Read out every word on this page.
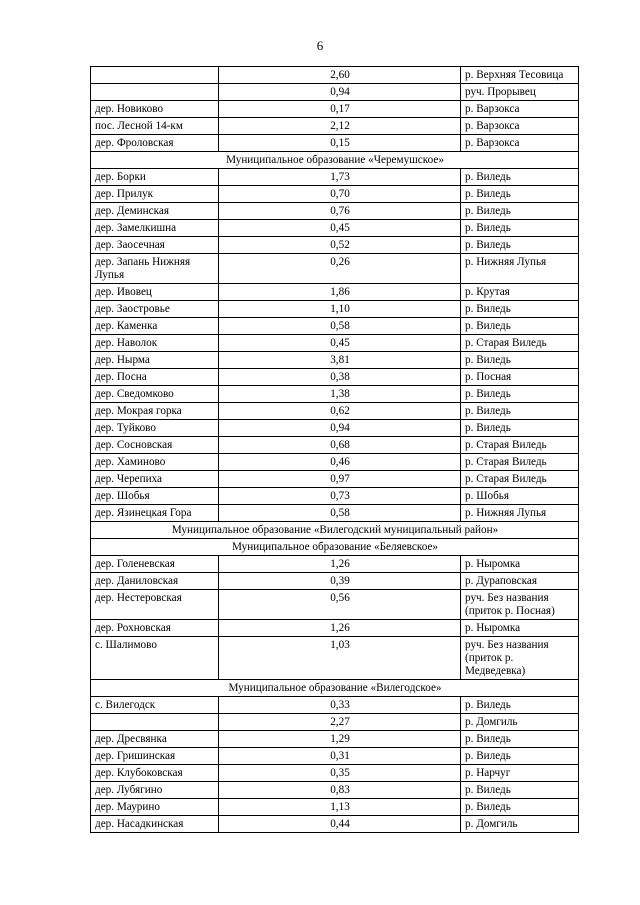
6
	2,60	р. Верхняя Тесовица
	0,94	руч. Прорывец
дер. Новиково	0,17	р. Варзокса
пос. Лесной 14-км	2,12	р. Варзокса
дер. Фроловская	0,15	р. Варзокса
Муниципальное образование «Черемушское»		
дер. Борки	1,73	р. Виледь
дер. Прилук	0,70	р. Виледь
дер. Деминская	0,76	р. Виледь
дер. Замелкишна	0,45	р. Виледь
дер. Заосечная	0,52	р. Виледь
дер. Запань Нижняя Лупья	0,26	р. Нижняя Лупья
дер. Ивовец	1,86	р. Крутая
дер. Заостровье	1,10	р. Виледь
дер. Каменка	0,58	р. Виледь
дер. Наволок	0,45	р. Старая Виледь
дер. Нырма	3,81	р. Виледь
дер. Посна	0,38	р. Посная
дер. Сведомково	1,38	р. Виледь
дер. Мокрая горка	0,62	р. Виледь
дер. Туйково	0,94	р. Виледь
дер. Сосновская	0,68	р. Старая Виледь
дер. Хаминово	0,46	р. Старая Виледь
дер. Черепиха	0,97	р. Старая Виледь
дер. Шобья	0,73	р. Шобья
дер. Язинецкая Гора	0,58	р. Нижняя Лупья
Муниципальное образование «Вилегодский муниципальный район»		
Муниципальное образование «Беляевское»		
дер. Голеневская	1,26	р. Ныромка
дер. Даниловская	0,39	р. Дураповская
дер. Нестеровская	0,56	руч. Без названия (приток р. Посная)
дер. Рохновская	1,26	р. Ныромка
с. Шалимово	1,03	руч. Без названия (приток р. Медведевка)
Муниципальное образование «Вилегодское»		
с. Вилегодск	0,33	р. Виледь
	2,27	р. Домгиль
дер. Дресвянка	1,29	р. Виледь
дер. Гришинская	0,31	р. Виледь
дер. Клубоковская	0,35	р. Нарчуг
дер. Лубягино	0,83	р. Виледь
дер. Маурино	1,13	р. Виледь
дер. Насадкинская	0,44	р. Домгиль
